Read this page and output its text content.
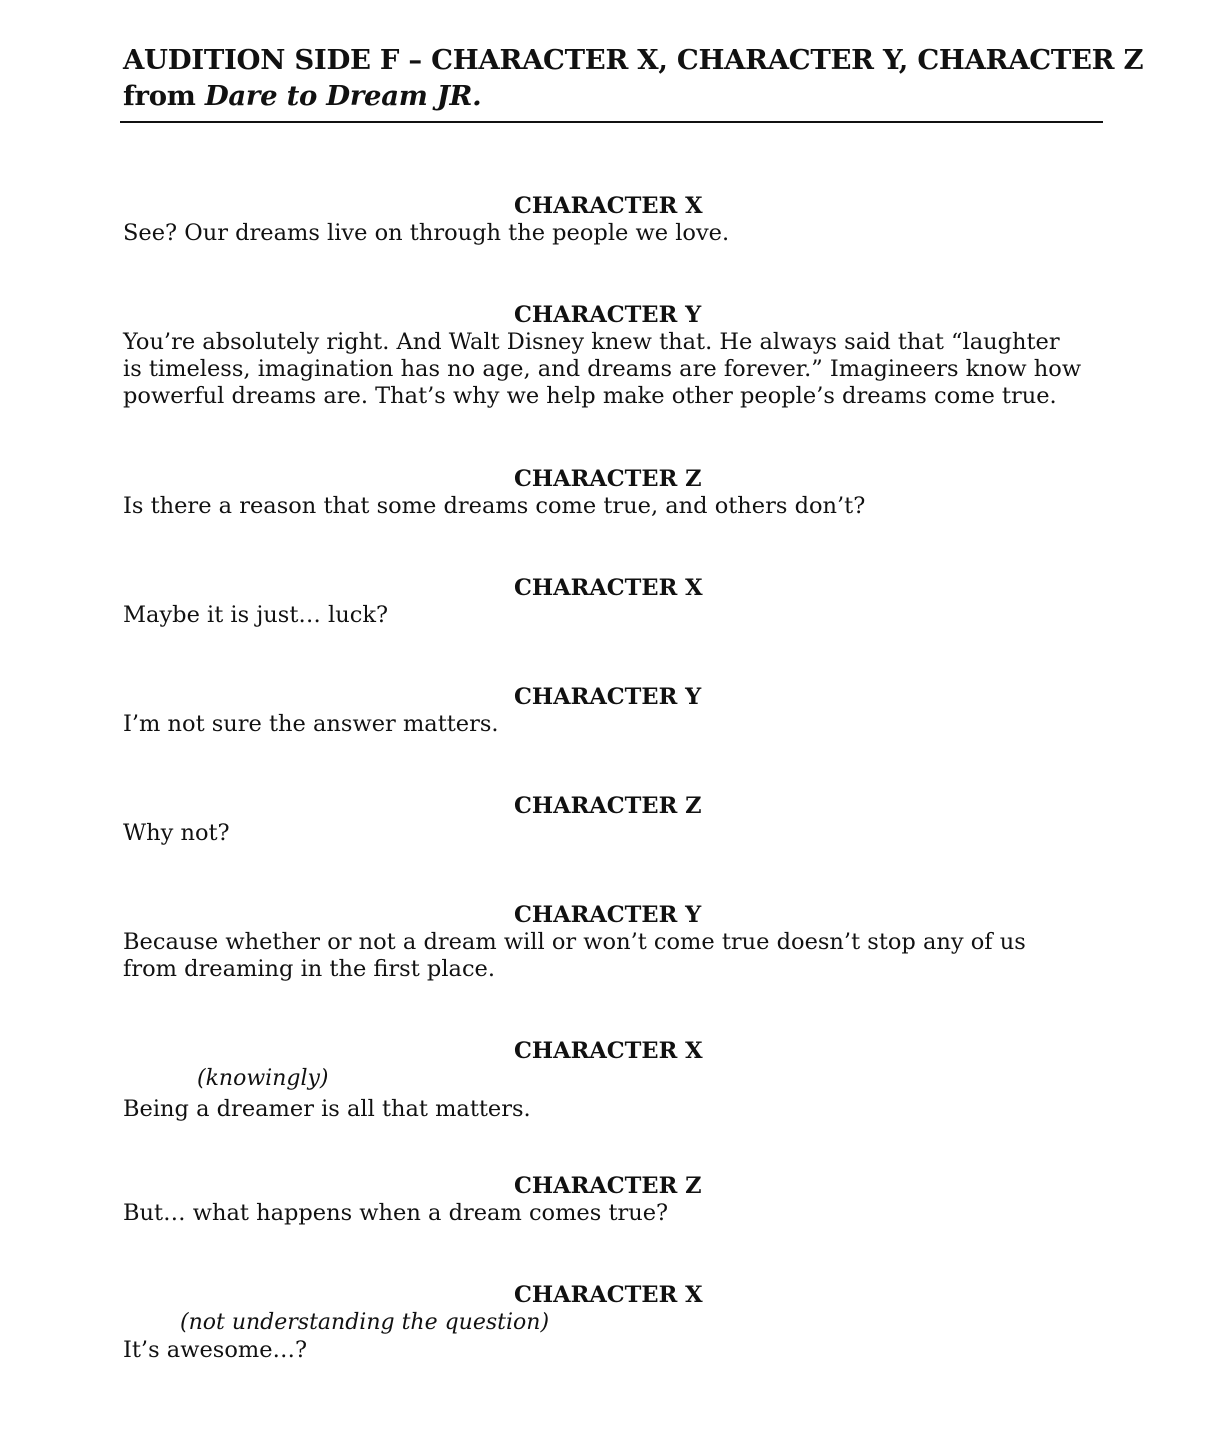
AUDITION SIDE F – CHARACTER X, CHARACTER Y, CHARACTER Z
from Dare to Dream JR.
CHARACTER X
See? Our dreams live on through the people we love.
CHARACTER Y
You’re absolutely right. And Walt Disney knew that. He always said that “laughter is timeless, imagination has no age, and dreams are forever.” Imagineers know how powerful dreams are. That’s why we help make other people’s dreams come true.
CHARACTER Z
Is there a reason that some dreams come true, and others don’t?
CHARACTER X
Maybe it is just… luck?
CHARACTER Y
I’m not sure the answer matters.
CHARACTER Z
Why not?
CHARACTER Y
Because whether or not a dream will or won’t come true doesn’t stop any of us from dreaming in the first place.
CHARACTER X
(knowingly)
Being a dreamer is all that matters.
CHARACTER Z
But… what happens when a dream comes true?
CHARACTER X
(not understanding the question)
It’s awesome…?
